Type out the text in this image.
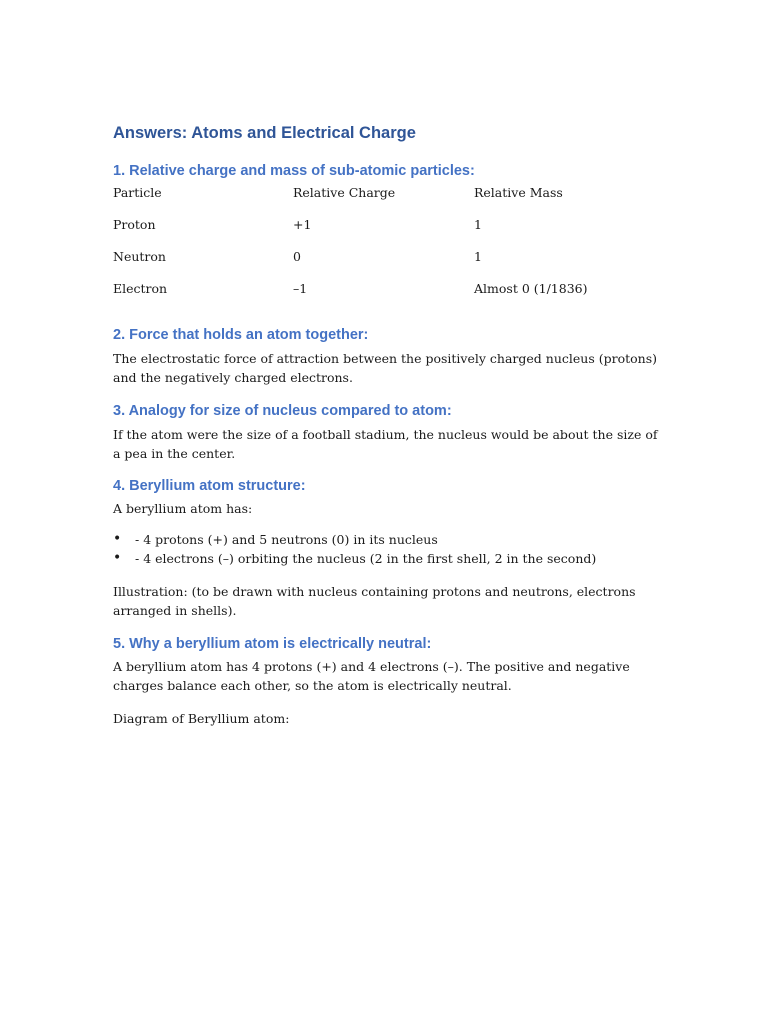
Answers: Atoms and Electrical Charge
1. Relative charge and mass of sub-atomic particles:
Particle	Relative Charge	Relative Mass
Proton	+1	1
Neutron	0	1
Electron	–1	Almost 0 (1/1836)
2. Force that holds an atom together:
The electrostatic force of attraction between the positively charged nucleus (protons) and the negatively charged electrons.
3. Analogy for size of nucleus compared to atom:
If the atom were the size of a football stadium, the nucleus would be about the size of a pea in the center.
4. Beryllium atom structure:
A beryllium atom has:
• - 4 protons (+) and 5 neutrons (0) in its nucleus
• - 4 electrons (–) orbiting the nucleus (2 in the first shell, 2 in the second)
Illustration: (to be drawn with nucleus containing protons and neutrons, electrons arranged in shells).
5. Why a beryllium atom is electrically neutral:
A beryllium atom has 4 protons (+) and 4 electrons (–). The positive and negative charges balance each other, so the atom is electrically neutral.
Diagram of Beryllium atom:
